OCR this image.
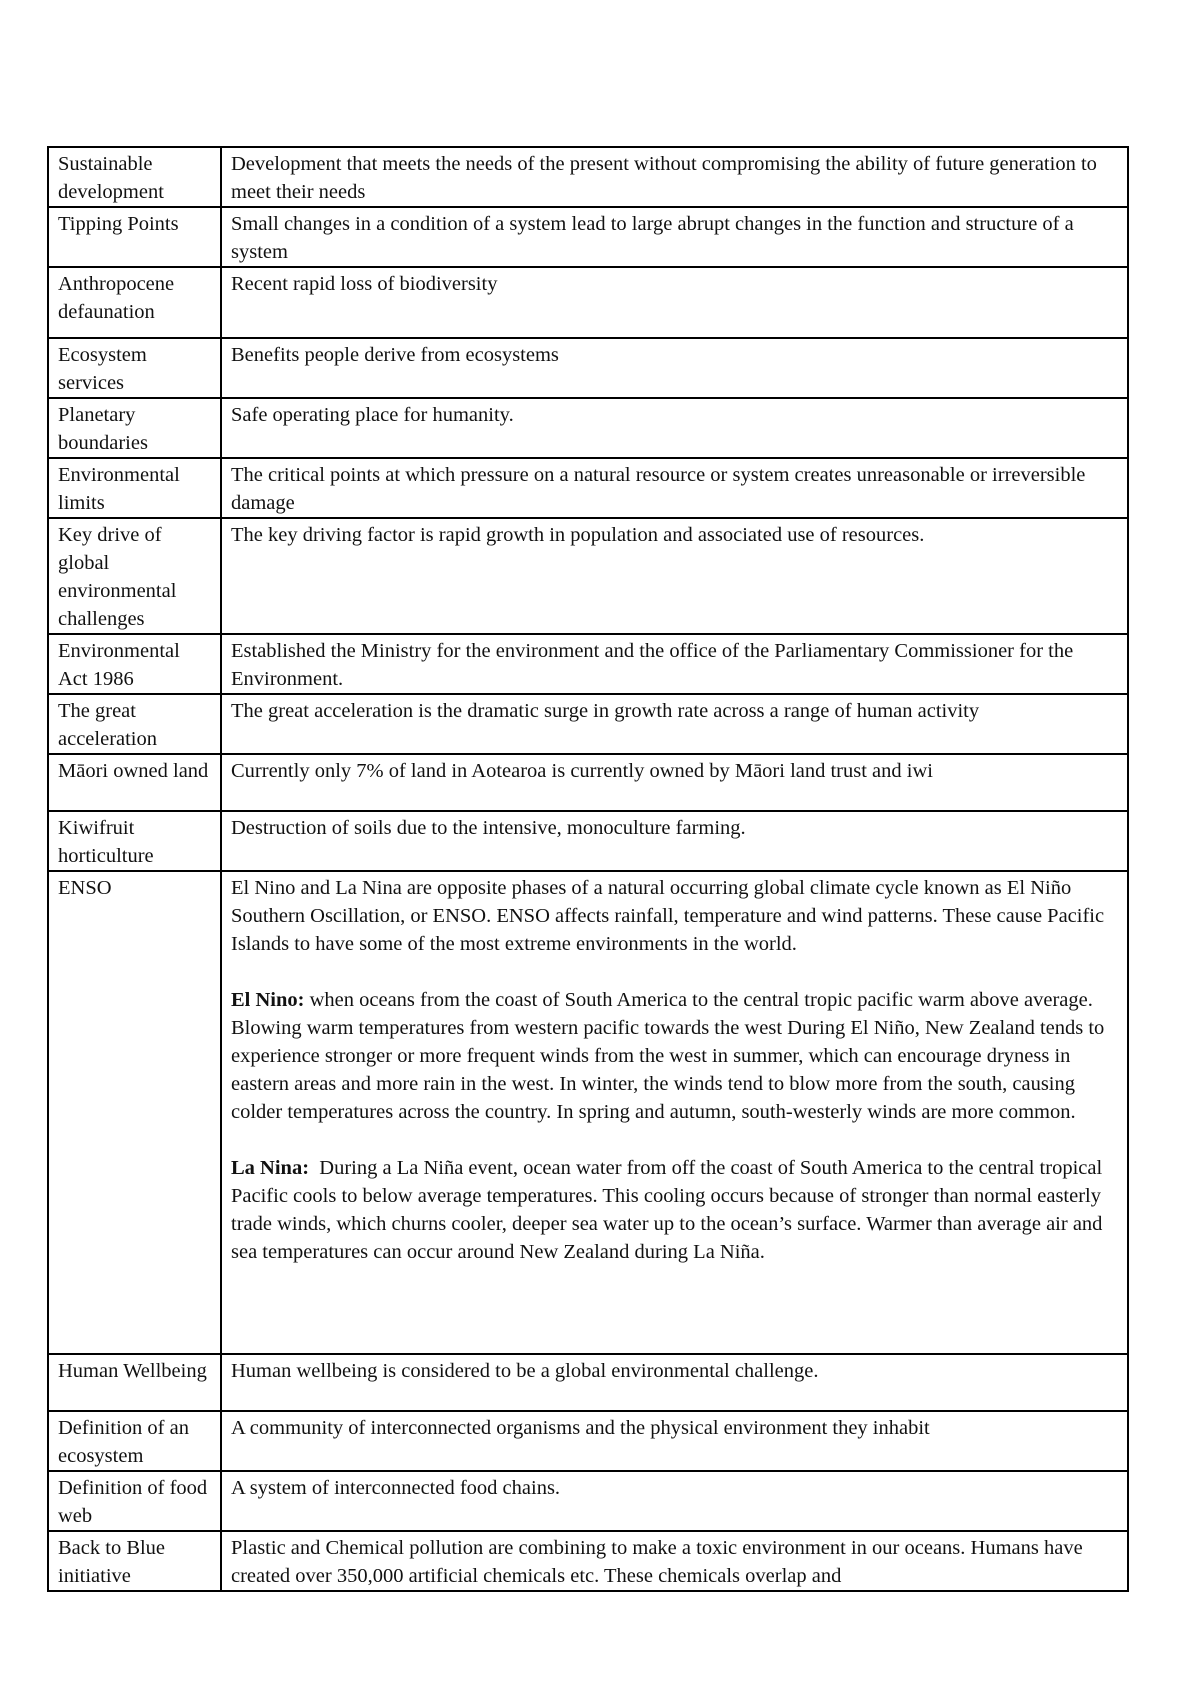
Sustainable development	Development that meets the needs of the present without compromising the ability of future generation to meet their needs
Tipping Points	Small changes in a condition of a system lead to large abrupt changes in the function and structure of a system
Anthropocene defaunation	Recent rapid loss of biodiversity
Ecosystem services	Benefits people derive from ecosystems
Planetary boundaries	Safe operating place for humanity.
Environmental limits	The critical points at which pressure on a natural resource or system creates unreasonable or irreversible damage
Key drive of global environmental challenges	The key driving factor is rapid growth in population and associated use of resources.
Environmental Act 1986	Established the Ministry for the environment and the office of the Parliamentary Commissioner for the Environment.
The great acceleration	The great acceleration is the dramatic surge in growth rate across a range of human activity
Māori owned land	Currently only 7% of land in Aotearoa is currently owned by Māori land trust and iwi
Kiwifruit horticulture	Destruction of soils due to the intensive, monoculture farming.
ENSO	El Nino and La Nina are opposite phases of a natural occurring global climate cycle known as El Niño Southern Oscillation, or ENSO. ENSO affects rainfall, temperature and wind patterns. These cause Pacific Islands to have some of the most extreme environments in the world.

El Nino: when oceans from the coast of South America to the central tropic pacific warm above average. Blowing warm temperatures from western pacific towards the west During El Niño, New Zealand tends to experience stronger or more frequent winds from the west in summer, which can encourage dryness in eastern areas and more rain in the west. In winter, the winds tend to blow more from the south, causing colder temperatures across the country. In spring and autumn, south-westerly winds are more common.

La Nina:  During a La Niña event, ocean water from off the coast of South America to the central tropical Pacific cools to below average temperatures. This cooling occurs because of stronger than normal easterly trade winds, which churns cooler, deeper sea water up to the ocean’s surface. Warmer than average air and sea temperatures can occur around New Zealand during La Niña.

Human Wellbeing	Human wellbeing is considered to be a global environmental challenge.
Definition of an ecosystem	A community of interconnected organisms and the physical environment they inhabit
Definition of food web	A system of interconnected food chains.
Back to Blue initiative	Plastic and Chemical pollution are combining to make a toxic environment in our oceans. Humans have created over 350,000 artificial chemicals etc. These chemicals overlap and
